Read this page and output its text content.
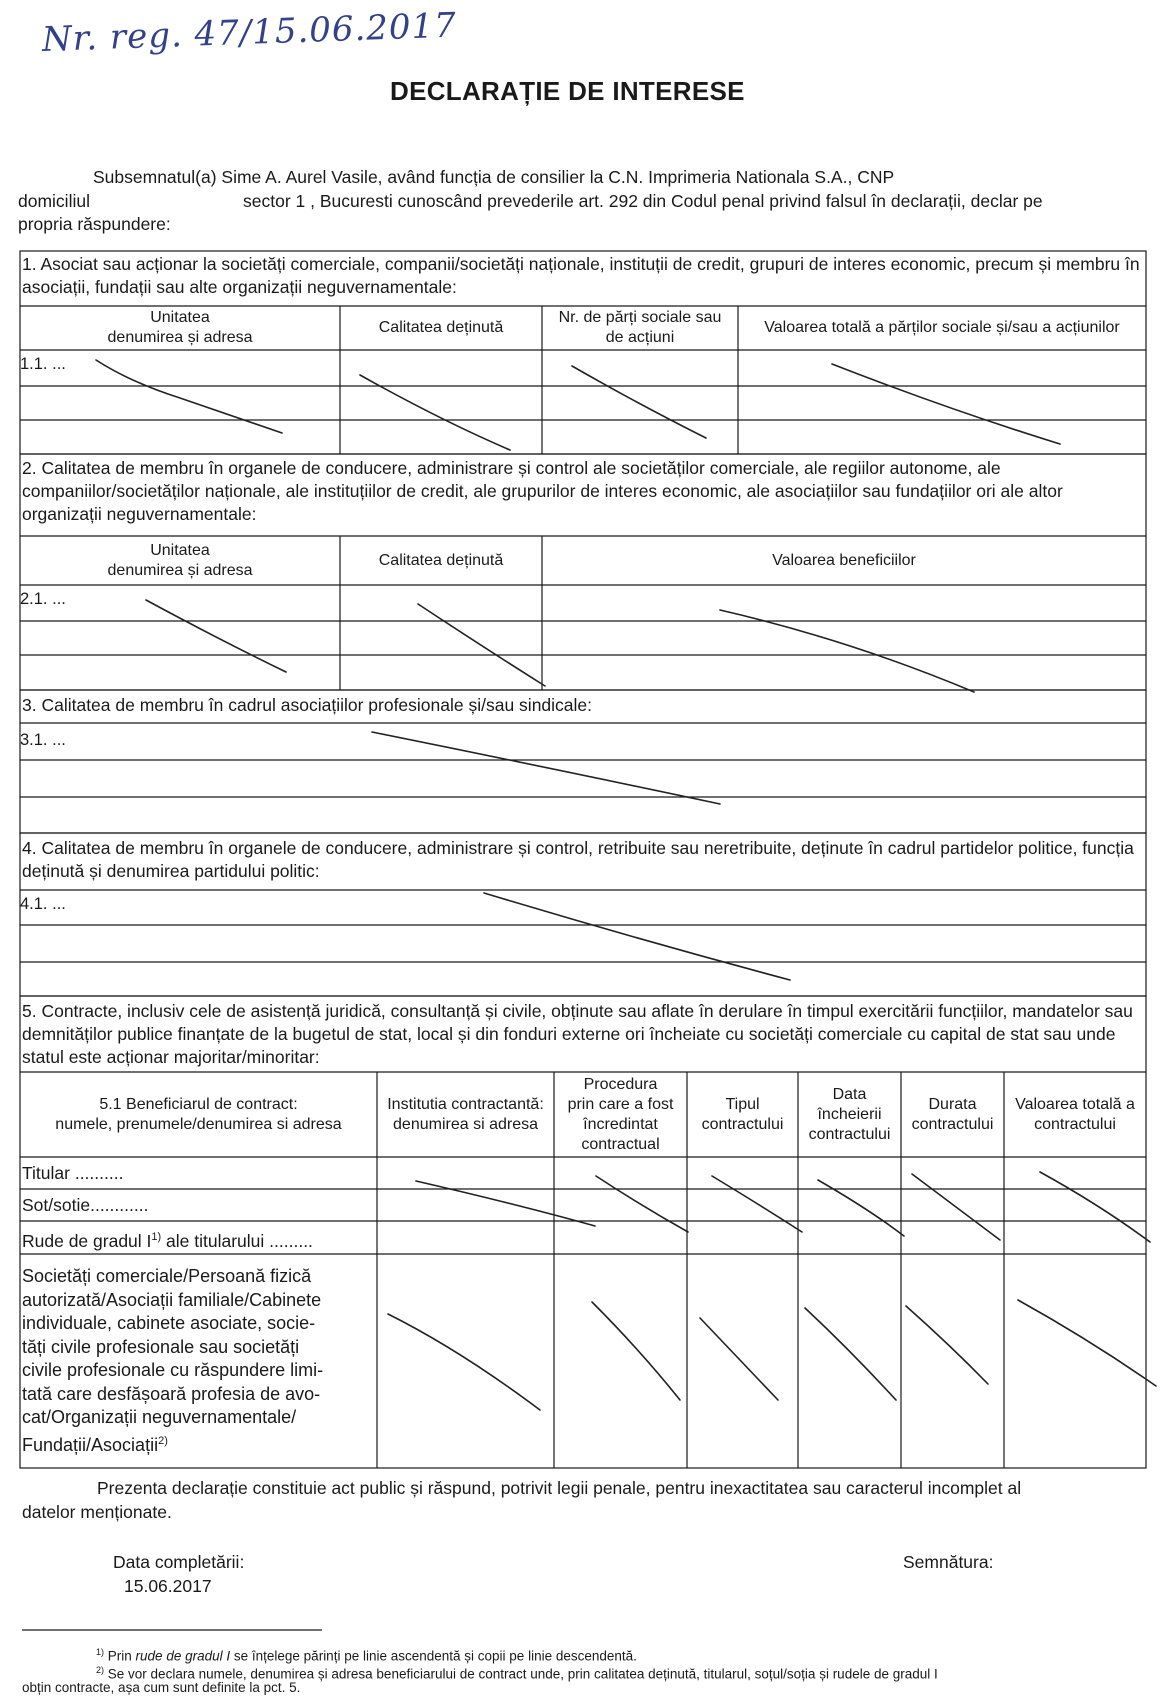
Nr. reg. 47/15.06.2017
DECLARAȚIE DE INTERESE
Subsemnatul(a) Sime A. Aurel Vasile, având funcția de consilier la C.N. Imprimeria Nationala S.A., CNP
domiciliul	sector 1 , Bucuresti cunoscând prevederile art. 292 din Codul penal privind falsul în declarații, declar pe
propria răspundere:
1. Asociat sau acționar la societăți comerciale, companii/societăți naționale, instituții de credit, grupuri de interes economic, precum și membru în asociații, fundații sau alte organizații neguvernamentale:
Unitatea
denumirea și adresa
Calitatea deținută
Nr. de părți sociale sau
de acțiuni
Valoarea totală a părților sociale și/sau a acțiunilor
1.1. ...
2. Calitatea de membru în organele de conducere, administrare și control ale societăților comerciale, ale regiilor autonome, ale companiilor/societăților naționale, ale instituțiilor de credit, ale grupurilor de interes economic, ale asociațiilor sau fundațiilor ori ale altor organizații neguvernamentale:
Unitatea
denumirea și adresa
Calitatea deținută	Valoarea beneficiilor
2.1. ...
3. Calitatea de membru în cadrul asociațiilor profesionale și/sau sindicale:
3.1. ...
4. Calitatea de membru în organele de conducere, administrare și control, retribuite sau neretribuite, deținute în cadrul partidelor politice, funcția deținută și denumirea partidului politic:
4.1. ...
5. Contracte, inclusiv cele de asistență juridică, consultanță și civile, obținute sau aflate în derulare în timpul exercitării funcțiilor, mandatelor sau demnităților publice finanțate de la bugetul de stat, local și din fonduri externe ori încheiate cu societăți comerciale cu capital de stat sau unde statul este acționar majoritar/minoritar:
5.1 Beneficiarul de contract:
numele, prenumele/denumirea si adresa
Institutia contractantă:
denumirea si adresa
Procedura
prin care a fost
încredintat
contractual
Tipul
contractului
Data
încheierii
contractului
Durata
contractului
Valoarea totală a
contractului
Titular ..........
Sot/sotie............
Rude de gradul $I^{1)}$ ale titularului .........
Societăți comerciale/Persoană fizică
autorizată/Asociații familiale/Cabinete
individuale, cabinete asociate, socie-
tăți civile profesionale sau societăți
civile profesionale cu răspundere limi-
tată care desfășoară profesia de avo-
cat/Organizații neguvernamentale/
Fundații/Asociații$^{2)}$
Prezenta declarație constituie act public și răspund, potrivit legii penale, pentru inexactitatea sau caracterul incomplet al
datelor menționate.
Data completării:
15.06.2017
Semnătura:
$^{1)}$ Prin rude de gradul I se înțelege părinți pe linie ascendentă și copii pe linie descendentă.
$^{2)}$ Se vor declara numele, denumirea și adresa beneficiarului de contract unde, prin calitatea deținută, titularul, soțul/soția și rudele de gradul I
obțin contracte, așa cum sunt definite la pct. 5.
